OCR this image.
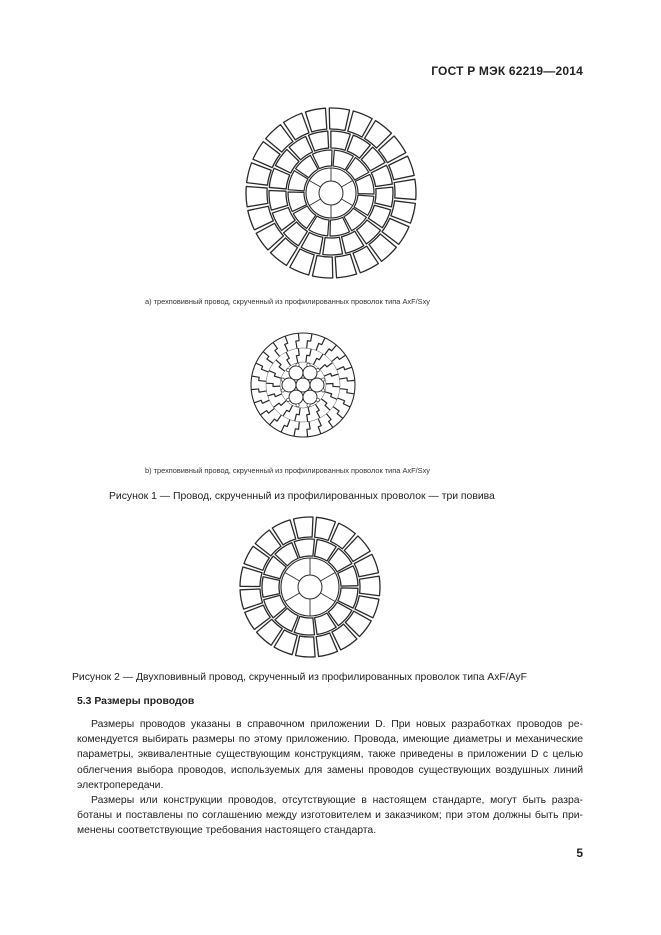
ГОСТ Р МЭК 62219—2014
a) трехповивный провод, скрученный из профилированных проволок типа AxF/Sxy
b) трехповивный провод, скрученный из профилированных проволок типа AxF/Sxy
Рисунок 1 — Провод, скрученный из профилированных проволок — три повива
Рисунок 2 — Двухповивный провод, скрученный из профилированных проволок типа AxF/AyF
5.3 Размеры проводов
Размеры проводов указаны в справочном приложении D. При новых разработках проводов ре-
комендуется выбирать размеры по этому приложению. Провода, имеющие диаметры и механические
параметры, эквивалентные существующим конструкциям, также приведены в приложении D с целью
облегчения выбора проводов, используемых для замены проводов существующих воздушных линий
электропередачи.
Размеры или конструкции проводов, отсутствующие в настоящем стандарте, могут быть разра-
ботаны и поставлены по соглашению между изготовителем и заказчиком; при этом должны быть при-
менены соответствующие требования настоящего стандарта.
5
